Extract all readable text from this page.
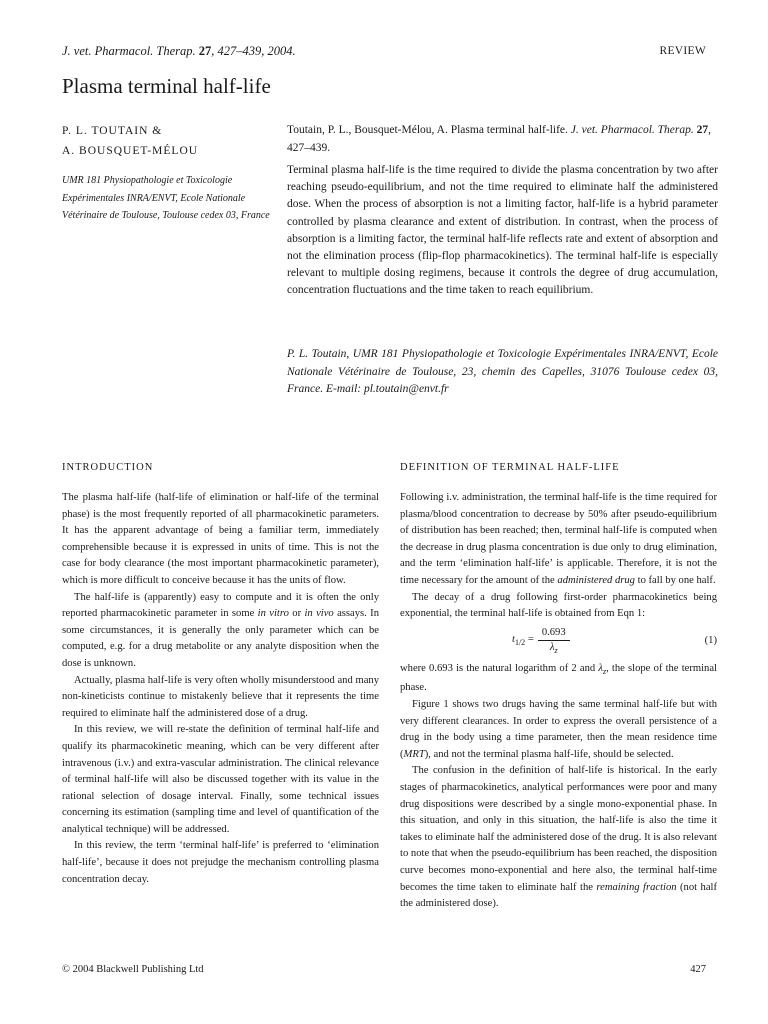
J. vet. Pharmacol. Therap. 27, 427–439, 2004.	REVIEW
Plasma terminal half-life
P. L. TOUTAIN &
A. BOUSQUET-MÉLOU
UMR 181 Physiopathologie et Toxicologie Expérimentales INRA/ENVT, Ecole Nationale Vétérinaire de Toulouse, Toulouse cedex 03, France
Toutain, P. L., Bousquet-Mélou, A. Plasma terminal half-life. J. vet. Pharmacol. Therap. 27, 427–439.
Terminal plasma half-life is the time required to divide the plasma concentration by two after reaching pseudo-equilibrium, and not the time required to eliminate half the administered dose. When the process of absorption is not a limiting factor, half-life is a hybrid parameter controlled by plasma clearance and extent of distribution. In contrast, when the process of absorption is a limiting factor, the terminal half-life reflects rate and extent of absorption and not the elimination process (flip-flop pharmacokinetics). The terminal half-life is especially relevant to multiple dosing regimens, because it controls the degree of drug accumulation, concentration fluctuations and the time taken to reach equilibrium.
P. L. Toutain, UMR 181 Physiopathologie et Toxicologie Expérimentales INRA/ENVT, Ecole Nationale Vétérinaire de Toulouse, 23, chemin des Capelles, 31076 Toulouse cedex 03, France. E-mail: pl.toutain@envt.fr
INTRODUCTION	DEFINITION OF TERMINAL HALF-LIFE

The plasma half-life (half-life of elimination or half-life of the terminal phase) is the most frequently reported of all pharmacokinetic parameters. It has the apparent advantage of being a familiar term, immediately comprehensible because it is expressed in units of time. This is not the case for body clearance (the most important pharmacokinetic parameter), which is more difficult to conceive because it has the units of flow.

The half-life is (apparently) easy to compute and it is often the only reported pharmacokinetic parameter in some in vitro or in vivo assays. In some circumstances, it is generally the only parameter which can be computed, e.g. for a drug metabolite or any analyte disposition when the dose is unknown.

Actually, plasma half-life is very often wholly misunderstood and many non-kineticists continue to mistakenly believe that it represents the time required to eliminate half the administered dose of a drug.

In this review, we will re-state the definition of terminal half-life and qualify its pharmacokinetic meaning, which can be very different after intravenous (i.v.) and extra-vascular administration. The clinical relevance of terminal half-life will also be discussed together with its value in the rational selection of dosage interval. Finally, some technical issues concerning its estimation (sampling time and level of quantification of the analytical technique) will be addressed.

In this review, the term ‘terminal half-life’ is preferred to ‘elimination half-life’, because it does not prejudge the mechanism controlling plasma concentration decay.

Following i.v. administration, the terminal half-life is the time required for plasma/blood concentration to decrease by 50% after pseudo-equilibrium of distribution has been reached; then, terminal half-life is computed when the decrease in drug plasma concentration is due only to drug elimination, and the term ‘elimination half-life’ is applicable. Therefore, it is not the time necessary for the amount of the administered drug to fall by one half.

The decay of a drug following first-order pharmacokinetics being exponential, the terminal half-life is obtained from Eqn 1:

$t_{1/2} = \frac{0.693}{\lambda_z}$	(1)

where 0.693 is the natural logarithm of 2 and $\lambda_z$, the slope of the terminal phase.

Figure 1 shows two drugs having the same terminal half-life but with very different clearances. In order to express the overall persistence of a drug in the body using a time parameter, then the mean residence time (MRT), and not the terminal plasma half-life, should be selected.

The confusion in the definition of half-life is historical. In the early stages of pharmacokinetics, analytical performances were poor and many drug dispositions were described by a single mono-exponential phase. In this situation, and only in this situation, the half-life is also the time it takes to eliminate half the administered dose of the drug. It is also relevant to note that when the pseudo-equilibrium has been reached, the disposition curve becomes mono-exponential and here also, the terminal half-time becomes the time taken to eliminate half the remaining fraction (not half the administered dose).

© 2004 Blackwell Publishing Ltd	427
